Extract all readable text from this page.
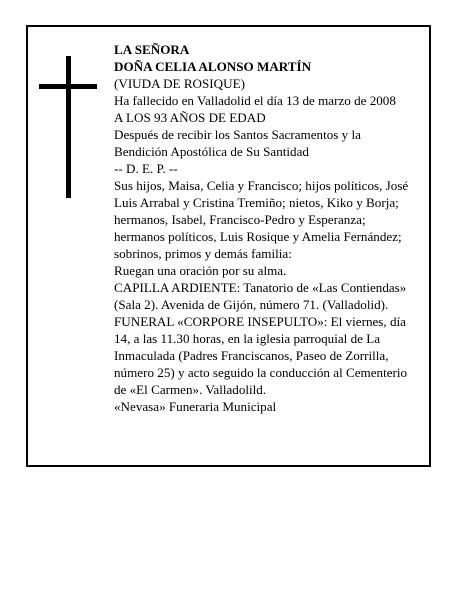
LA SEÑORA
DOÑA CELIA ALONSO MARTÍN
(VIUDA DE ROSIQUE)
Ha fallecido en Valladolid el día 13 de marzo de 2008
A LOS 93 AÑOS DE EDAD
Después de recibir los Santos Sacramentos y la
Bendición Apostólica de Su Santidad
-- D. E. P. --
Sus hijos, Maisa, Celia y Francisco; hijos políticos, José
Luis Arrabal y Cristina Tremiño; nietos, Kiko y Borja;
hermanos, Isabel, Francisco-Pedro y Esperanza;
hermanos políticos, Luis Rosique y Amelia Fernández;
sobrinos, primos y demás familia:
Ruegan una oración por su alma.
CAPILLA ARDIENTE: Tanatorio de «Las Contiendas»
(Sala 2). Avenida de Gijón, número 71. (Valladolid).
FUNERAL «CORPORE INSEPULTO»: El viernes, día
14, a las 11.30 horas, en la iglesia parroquial de La
Inmaculada (Padres Franciscanos, Paseo de Zorrilla,
número 25) y acto seguido la conducción al Cementerio
de «El Carmen». Valladolild.
«Nevasa» Funeraria Municipal
